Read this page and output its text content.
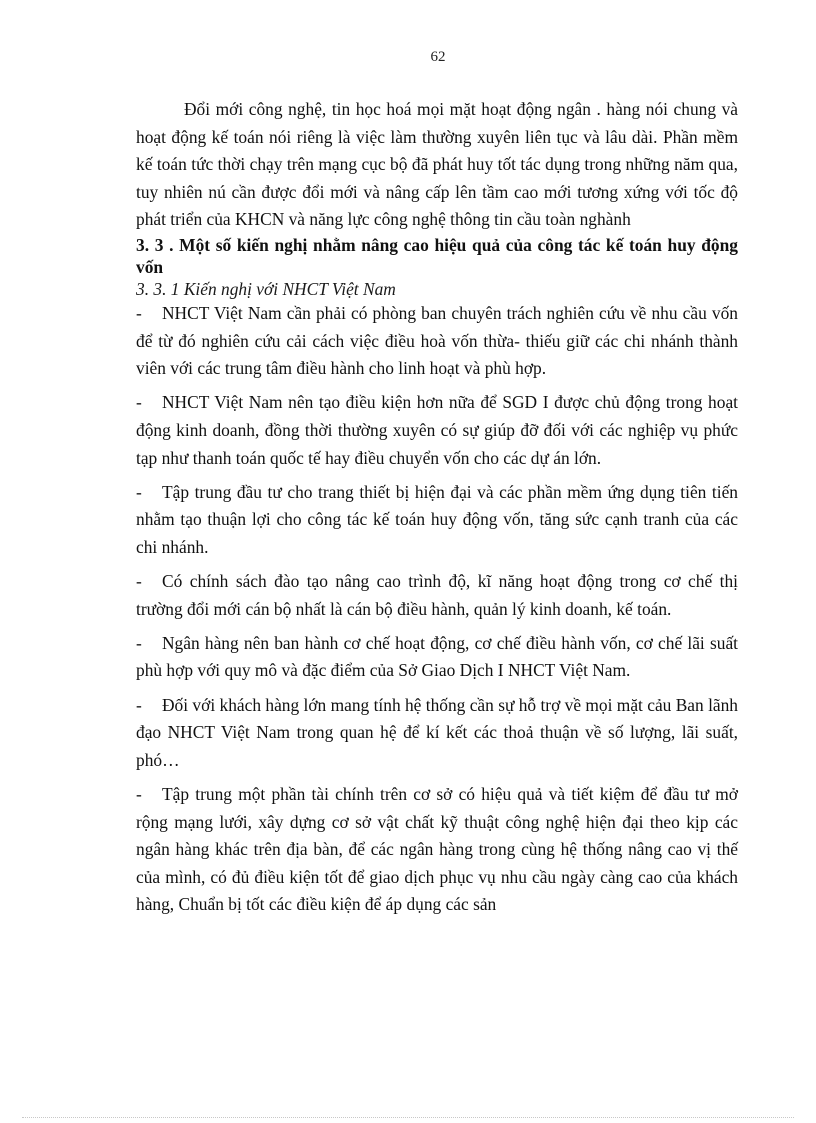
62

Đổi mới công nghệ, tin học hoá mọi mặt hoạt động ngân . hàng nói chung và hoạt động kế toán nói riêng là việc làm thường xuyên liên tục và lâu dài. Phần mềm kế toán tức thời chạy trên mạng cục bộ đã phát huy tốt tác dụng trong những năm qua, tuy nhiên nú cần được đổi mới và nâng cấp lên tầm cao mới tương xứng với tốc độ phát triển của KHCN và năng lực công nghệ thông tin cầu toàn nghành

3. 3 . Một số kiến nghị nhằm nâng cao hiệu quả của công tác kế toán huy động vốn

3. 3. 1 Kiến nghị với NHCT Việt Nam

- NHCT Việt Nam cần phải có phòng ban chuyên trách nghiên cứu về nhu cầu vốn để từ đó nghiên cứu cải cách việc điều hoà vốn thừa- thiếu giữ các chi nhánh thành viên với các trung tâm điều hành cho linh hoạt và phù hợp.

- NHCT Việt Nam nên tạo điều kiện hơn nữa để SGD I được chủ động trong hoạt động kinh doanh, đồng thời thường xuyên có sự giúp đỡ đối với các nghiệp vụ phức tạp như thanh toán quốc tế hay điều chuyển vốn cho các dự án lớn.

- Tập trung đầu tư cho trang thiết bị hiện đại và các phần mềm ứng dụng tiên tiến nhằm tạo thuận lợi cho công tác kế toán huy động vốn, tăng sức cạnh tranh của các chi nhánh.

- Có chính sách đào tạo nâng cao trình độ, kĩ năng hoạt động trong cơ chế thị trường đổi mới cán bộ nhất là cán bộ điều hành, quản lý kinh doanh, kế toán.

- Ngân hàng nên ban hành cơ chế hoạt động, cơ chế điều hành vốn, cơ chế lãi suất phù hợp với quy mô và đặc điểm của Sở Giao Dịch I NHCT Việt Nam.

- Đối với khách hàng lớn mang tính hệ thống cần sự hỗ trợ về mọi mặt cảu Ban lãnh đạo NHCT Việt Nam trong quan hệ để kí kết các thoả thuận về số lượng, lãi suất, phó…

- Tập trung một phần tài chính trên cơ sở có hiệu quả và tiết kiệm để đầu tư mở rộng mạng lưới, xây dựng cơ sở vật chất kỹ thuật công nghệ hiện đại theo kịp các ngân hàng khác trên địa bàn, để các ngân hàng trong cùng hệ thống nâng cao vị thế của mình, có đủ điều kiện tốt để giao dịch phục vụ nhu cầu ngày càng cao của khách hàng, Chuẩn bị tốt các điều kiện để áp dụng các sản
